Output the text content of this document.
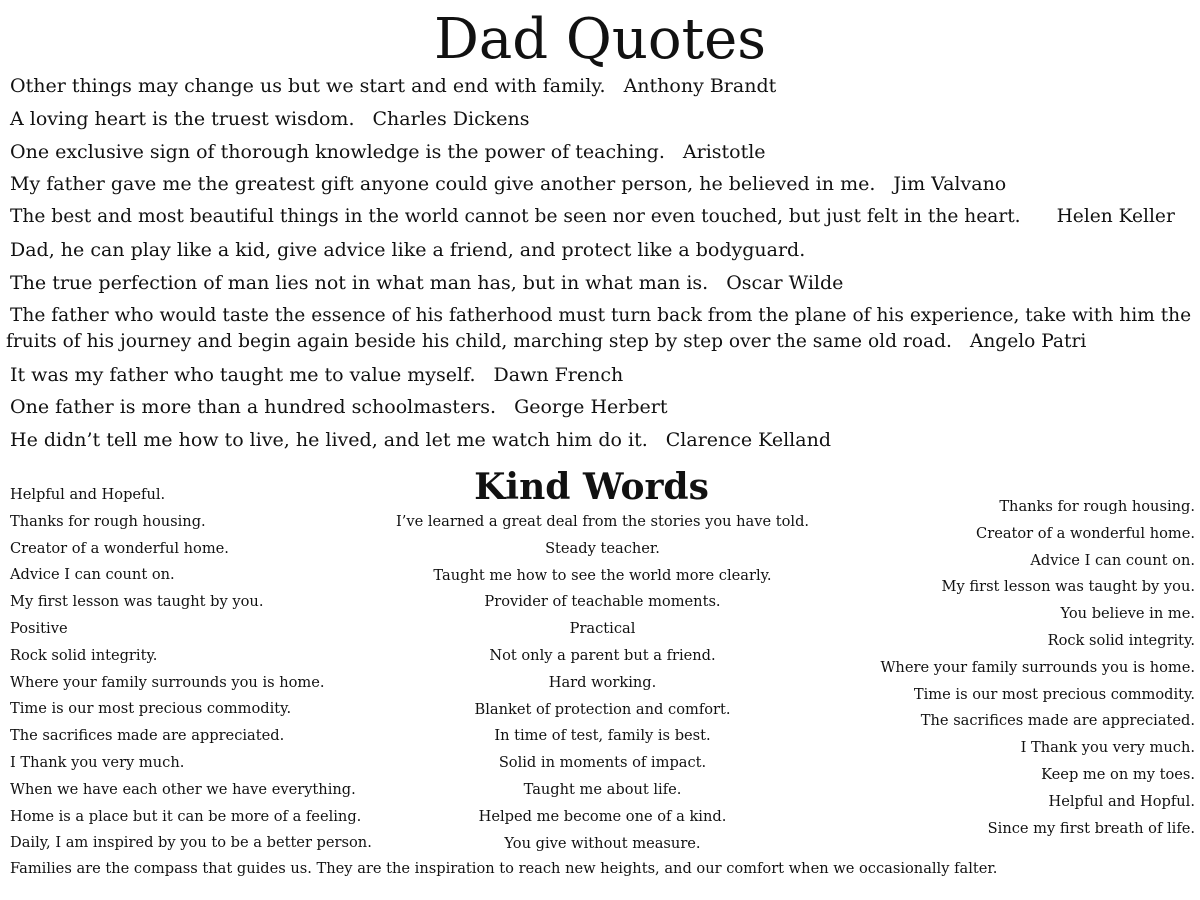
Dad Quotes
Other things may change us but we start and end with family. Anthony Brandt
A loving heart is the truest wisdom. Charles Dickens
One exclusive sign of thorough knowledge is the power of teaching. Aristotle
My father gave me the greatest gift anyone could give another person, he believed in me. Jim Valvano
The best and most beautiful things in the world cannot be seen nor even touched, but just felt in the heart. Helen Keller
Dad, he can play like a kid, give advice like a friend, and protect like a bodyguard.
The true perfection of man lies not in what man has, but in what man is. Oscar Wilde
The father who would taste the essence of his fatherhood must turn back from the plane of his experience, take with him the fruits of his journey and begin again beside his child, marching step by step over the same old road. Angelo Patri
It was my father who taught me to value myself. Dawn French
One father is more than a hundred schoolmasters. George Herbert
He didn’t tell me how to live, he lived, and let me watch him do it. Clarence Kelland
Kind Words
Helpful and Hopeful.
Thanks for rough housing.
Creator of a wonderful home.
Advice I can count on.
My first lesson was taught by you.
Positive
Rock solid integrity.
Where your family surrounds you is home.
Time is our most precious commodity.
The sacrifices made are appreciated.
I Thank you very much.
When we have each other we have everything.
Home is a place but it can be more of a feeling.
Daily, I am inspired by you to be a better person.
I’ve learned a great deal from the stories you have told.
Steady teacher.
Taught me how to see the world more clearly.
Provider of teachable moments.
Practical
Not only a parent but a friend.
Hard working.
Blanket of protection and comfort.
In time of test, family is best.
Solid in moments of impact.
Taught me about life.
Helped me become one of a kind.
You give without measure.
Thanks for rough housing.
Creator of a wonderful home.
Advice I can count on.
My first lesson was taught by you.
You believe in me.
Rock solid integrity.
Where your family surrounds you is home.
Time is our most precious commodity.
The sacrifices made are appreciated.
I Thank you very much.
Keep me on my toes.
Helpful and Hopful.
Since my first breath of life.
Families are the compass that guides us. They are the inspiration to reach new heights, and our comfort when we occasionally falter.
